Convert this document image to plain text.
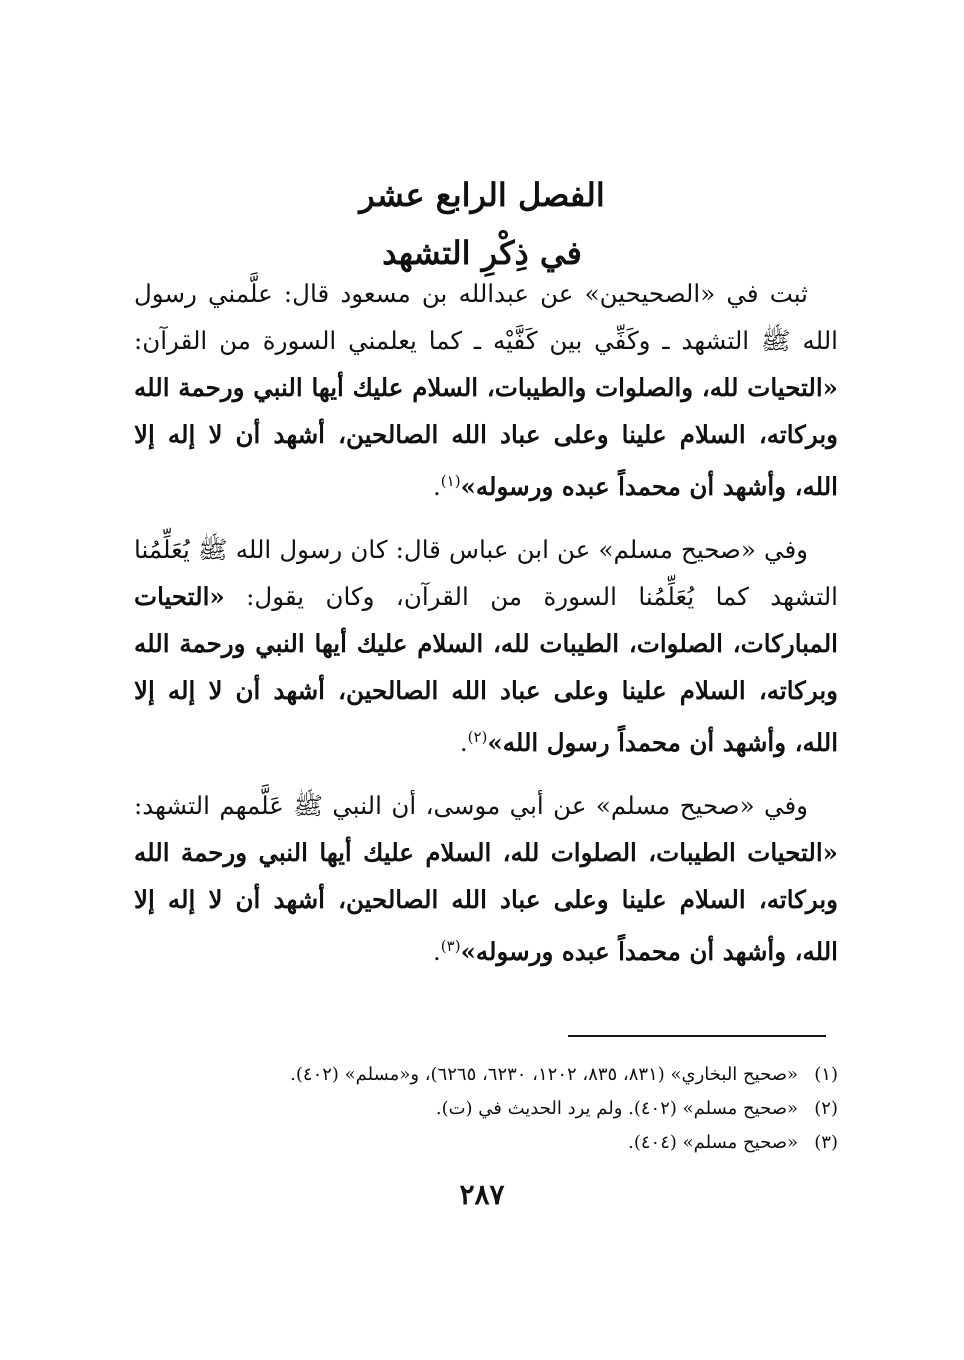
الفصل الرابع عشر
في ذِكْرِ التشهد

ثبت في «الصحيحين» عن عبدالله بن مسعود قال: علَّمني رسول الله ﷺ التشهد ـ وكَفِّي بين كَفَّيْه ـ كما يعلمني السورة من القرآن: «التحيات لله، والصلوات والطيبات، السلام عليك أيها النبي ورحمة الله وبركاته، السلام علينا وعلى عباد الله الصالحين، أشهد أن لا إله إلا الله، وأشهد أن محمداً عبده ورسوله»$^{(١)}$.

وفي «صحيح مسلم» عن ابن عباس قال: كان رسول الله ﷺ يُعَلِّمُنا التشهد كما يُعَلِّمُنا السورة من القرآن، وكان يقول: «التحيات المباركات، الصلوات، الطيبات لله، السلام عليك أيها النبي ورحمة الله وبركاته، السلام علينا وعلى عباد الله الصالحين، أشهد أن لا إله إلا الله، وأشهد أن محمداً رسول الله»$^{(٢)}$.

وفي «صحيح مسلم» عن أبي موسى، أن النبي ﷺ عَلَّمهم التشهد: «التحيات الطيبات، الصلوات لله، السلام عليك أيها النبي ورحمة الله وبركاته، السلام علينا وعلى عباد الله الصالحين، أشهد أن لا إله إلا الله، وأشهد أن محمداً عبده ورسوله»$^{(٣)}$.

(١)«صحيح البخاري» (٨٣١، ٨٣٥، ١٢٠٢، ٦٢٣٠، ٦٢٦٥)، و«مسلم» (٤٠٢).
(٢)«صحيح مسلم» (٤٠٢). ولم يرد الحديث في (ت).
(٣)«صحيح مسلم» (٤٠٤).
٢٨٧
